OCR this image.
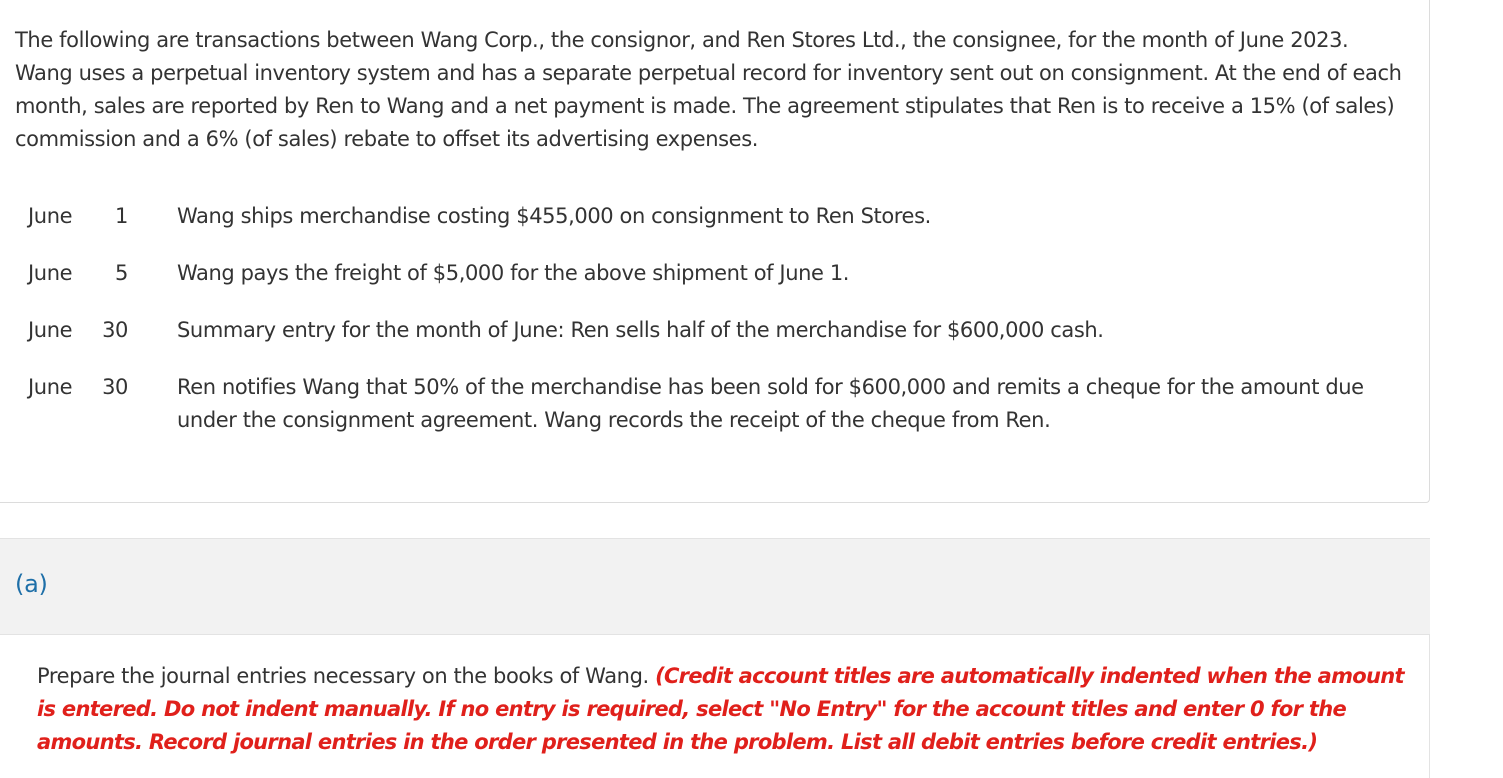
The following are transactions between Wang Corp., the consignor, and Ren Stores Ltd., the consignee, for the month of June 2023. Wang uses a perpetual inventory system and has a separate perpetual record for inventory sent out on consignment. At the end of each month, sales are reported by Ren to Wang and a net payment is made. The agreement stipulates that Ren is to receive a 15% (of sales) commission and a 6% (of sales) rebate to offset its advertising expenses.

June	1 Wang ships merchandise costing $455,000 on consignment to Ren Stores.
June	5 Wang pays the freight of $5,000 for the above shipment of June 1.
June 30 Summary entry for the month of June: Ren sells half of the merchandise for $600,000 cash.
June 30 Ren notifies Wang that 50% of the merchandise has been sold for $600,000 and remits a cheque for the amount due under the consignment agreement. Wang records the receipt of the cheque from Ren.
(a)

Prepare the journal entries necessary on the books of Wang. (Credit account titles are automatically indented when the amount is entered. Do not indent manually. If no entry is required, select "No Entry" for the account titles and enter 0 for the amounts. Record journal entries in the order presented in the problem. List all debit entries before credit entries.)
